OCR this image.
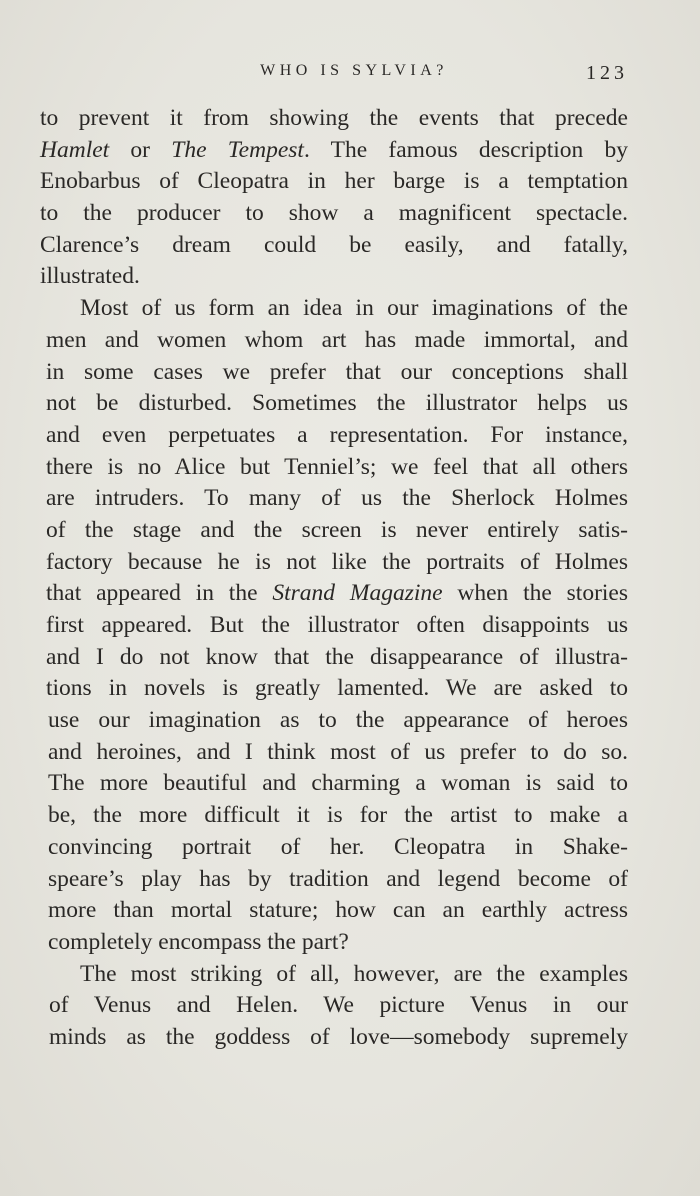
WHO IS SYLVIA?	123
to prevent it from showing the events that precede
Hamlet or The Tempest. The famous description by
Enobarbus of Cleopatra in her barge is a temptation
to the producer to show a magnificent spectacle.
Clarence’s dream could be easily, and fatally,
illustrated.
Most of us form an idea in our imaginations of the
men and women whom art has made immortal, and
in some cases we prefer that our conceptions shall
not be disturbed. Sometimes the illustrator helps us
and even perpetuates a representation. For instance,
there is no Alice but Tenniel’s; we feel that all others
are intruders. To many of us the Sherlock Holmes
of the stage and the screen is never entirely satis-
factory because he is not like the portraits of Holmes
that appeared in the Strand Magazine when the stories
first appeared. But the illustrator often disappoints us
and I do not know that the disappearance of illustra-
tions in novels is greatly lamented. We are asked to
use our imagination as to the appearance of heroes
and heroines, and I think most of us prefer to do so.
The more beautiful and charming a woman is said to
be, the more difficult it is for the artist to make a
convincing portrait of her. Cleopatra in Shake-
speare’s play has by tradition and legend become of
more than mortal stature; how can an earthly actress
completely encompass the part?
The most striking of all, however, are the examples
of Venus and Helen. We picture Venus in our
minds as the goddess of love—somebody supremely
